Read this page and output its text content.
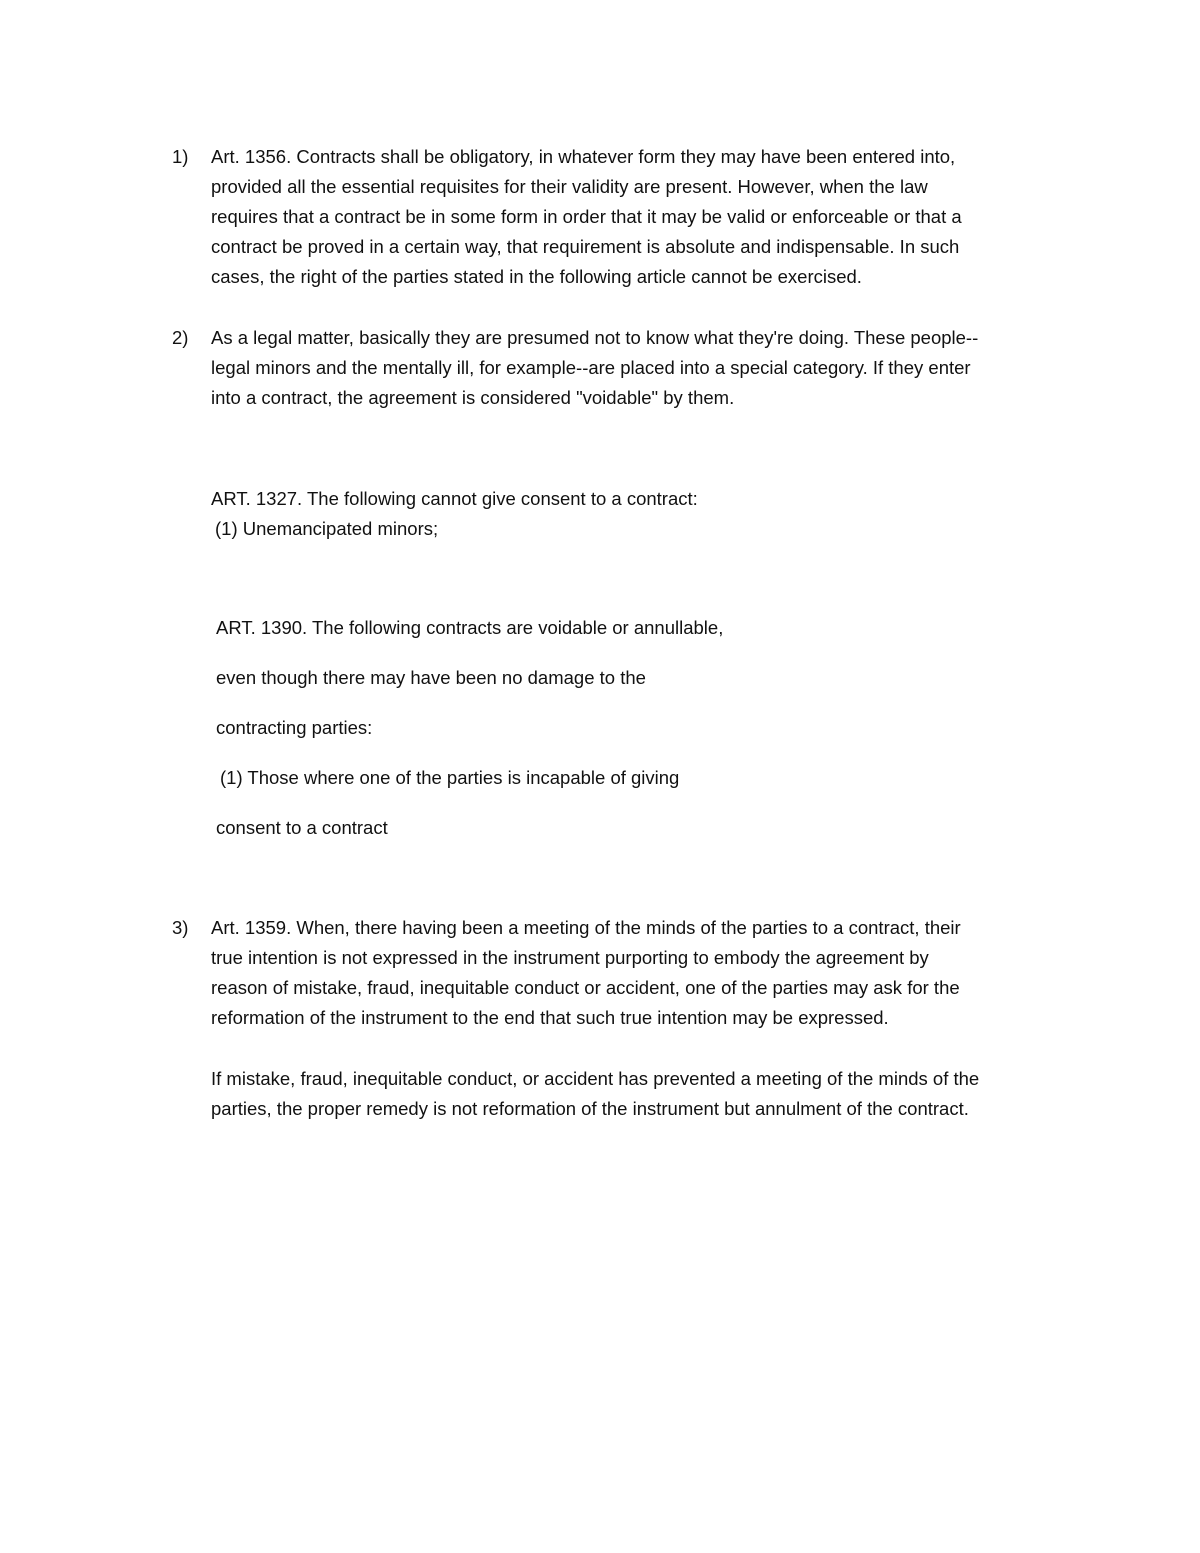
1) Art. 1356. Contracts shall be obligatory, in whatever form they may have been entered into,
provided all the essential requisites for their validity are present. However, when the law
requires that a contract be in some form in order that it may be valid or enforceable or that a
contract be proved in a certain way, that requirement is absolute and indispensable. In such
cases, the right of the parties stated in the following article cannot be exercised.
2) As a legal matter, basically they are presumed not to know what they're doing. These people--
legal minors and the mentally ill, for example--are placed into a special category. If they enter
into a contract, the agreement is considered "voidable" by them.
ART. 1327. The following cannot give consent to a contract:
(1) Unemancipated minors;
ART. 1390. The following contracts are voidable or annullable,
even though there may have been no damage to the
contracting parties:
(1) Those where one of the parties is incapable of giving
consent to a contract
3) Art. 1359. When, there having been a meeting of the minds of the parties to a contract, their
true intention is not expressed in the instrument purporting to embody the agreement by
reason of mistake, fraud, inequitable conduct or accident, one of the parties may ask for the
reformation of the instrument to the end that such true intention may be expressed.
If mistake, fraud, inequitable conduct, or accident has prevented a meeting of the minds of the
parties, the proper remedy is not reformation of the instrument but annulment of the contract.
